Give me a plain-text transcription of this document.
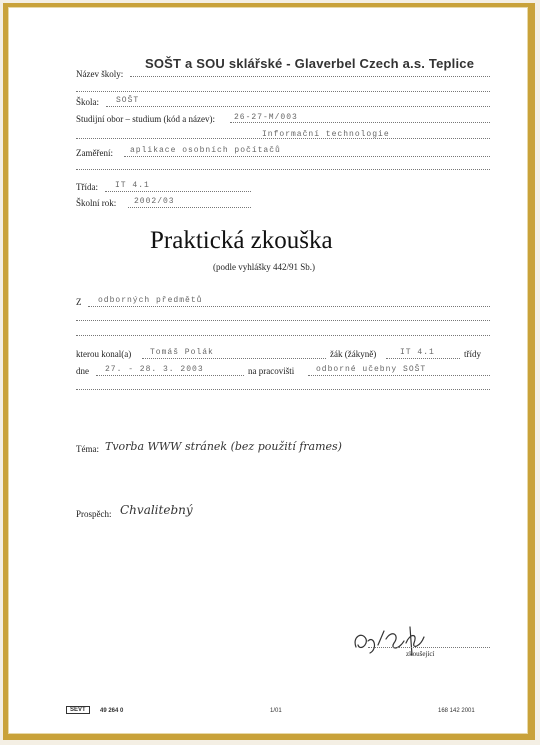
Název školy:
SOŠT a SOU sklářské - Glaverbel Czech a.s. Teplice
Škola: SOŠT
Studijní obor – studium (kód a název): 26-27-M/003
Informační technologie
Zaměření: aplikace osobních počítačů
Třída: IT 4.1
Školní rok: 2002/03
Praktická zkouška
(podle vyhlášky 442/91 Sb.)
Z odborných předmětů
kterou konal(a) Tomáš Polák	žák (žákyně)	IT 4.1	třídy
dne 27. - 28. 3. 2003	na pracovišti	odborné učebny SOŠT
Téma: Tvorba WWW stránek (bez použití frames)
Prospěch: Chvalitebný
zkoušející
SEVT	49 264 0	1/01	168 142 2001
